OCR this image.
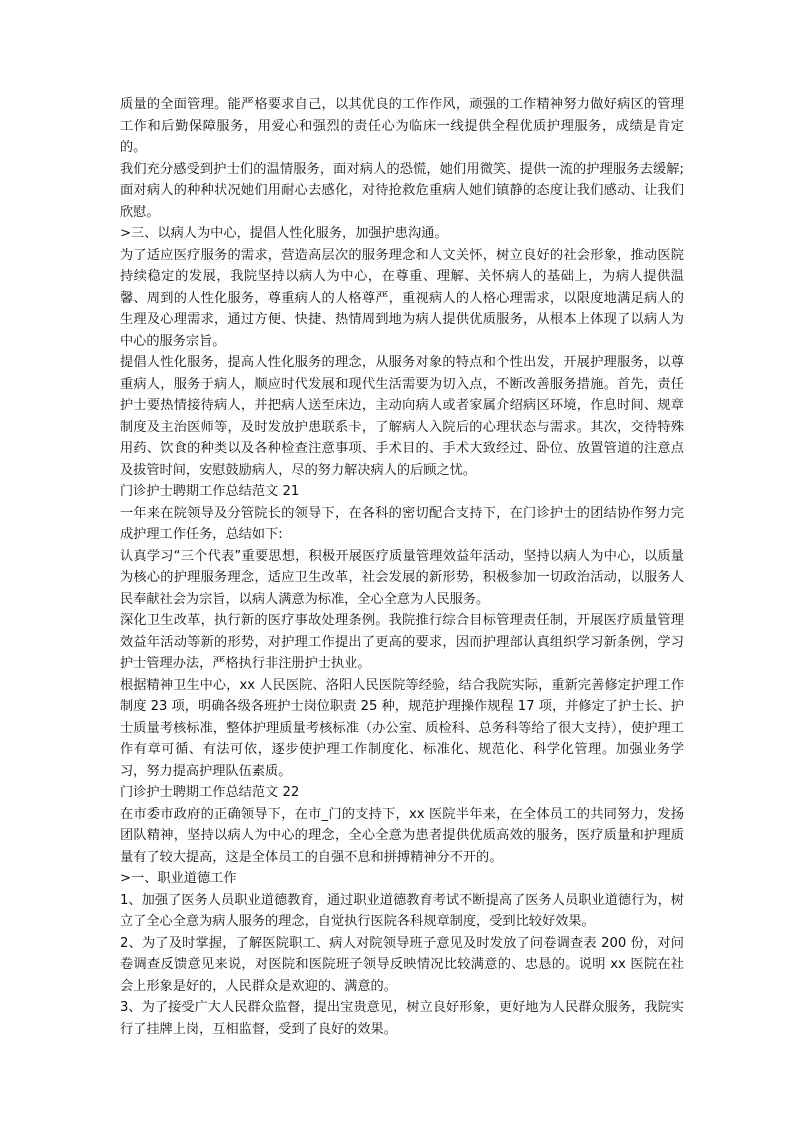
质量的全面管理。能严格要求自己，以其优良的工作作风，顽强的工作精神努力做好病区的管理工作和后勤保障服务，用爱心和强烈的责任心为临床一线提供全程优质护理服务，成绩是肯定的。

我们充分感受到护士们的温情服务，面对病人的恐慌，她们用微笑、提供一流的护理服务去缓解;面对病人的种种状况她们用耐心去感化，对待抢救危重病人她们镇静的态度让我们感动、让我们欣慰。

>三、以病人为中心，提倡人性化服务，加强护患沟通。

为了适应医疗服务的需求，营造高层次的服务理念和人文关怀，树立良好的社会形象，推动医院持续稳定的发展，我院坚持以病人为中心，在尊重、理解、关怀病人的基础上，为病人提供温馨、周到的人性化服务，尊重病人的人格尊严，重视病人的人格心理需求，以限度地满足病人的生理及心理需求，通过方便、快捷、热情周到地为病人提供优质服务，从根本上体现了以病人为中心的服务宗旨。

提倡人性化服务，提高人性化服务的理念，从服务对象的特点和个性出发，开展护理服务，以尊重病人，服务于病人，顺应时代发展和现代生活需要为切入点，不断改善服务措施。首先，责任护士要热情接待病人，并把病人送至床边，主动向病人或者家属介绍病区环境，作息时间、规章制度及主治医师等，及时发放护患联系卡，了解病人入院后的心理状态与需求。其次，交待特殊用药、饮食的种类以及各种检查注意事项、手术目的、手术大致经过、卧位、放置管道的注意点及拔管时间，安慰鼓励病人，尽的努力解决病人的后顾之忧。

门诊护士聘期工作总结范文 21

一年来在院领导及分管院长的领导下，在各科的密切配合支持下，在门诊护士的团结协作努力完成护理工作任务，总结如下:

认真学习“三个代表”重要思想，积极开展医疗质量管理效益年活动，坚持以病人为中心，以质量为核心的护理服务理念，适应卫生改革，社会发展的新形势，积极参加一切政治活动，以服务人民奉献社会为宗旨，以病人满意为标准，全心全意为人民服务。

深化卫生改革，执行新的医疗事故处理条例。我院推行综合目标管理责任制，开展医疗质量管理效益年活动等新的形势，对护理工作提出了更高的要求，因而护理部认真组织学习新条例，学习护士管理办法，严格执行非注册护士执业。

根据精神卫生中心，xx 人民医院、洛阳人民医院等经验，结合我院实际，重新完善修定护理工作制度 23 项，明确各级各班护士岗位职责 25 种，规范护理操作规程 17 项，并修定了护士长、护士质量考核标准，整体护理质量考核标准（办公室、质检科、总务科等给了很大支持），使护理工作有章可循、有法可依，逐步使护理工作制度化、标准化、规范化、科学化管理。加强业务学习，努力提高护理队伍素质。

门诊护士聘期工作总结范文 22

在市委市政府的正确领导下，在市_门的支持下，xx 医院半年来，在全体员工的共同努力，发扬团队精神，坚持以病人为中心的理念，全心全意为患者提供优质高效的服务，医疗质量和护理质量有了较大提高，这是全体员工的自强不息和拼搏精神分不开的。

>一、职业道德工作

1、加强了医务人员职业道德教育，通过职业道德教育考试不断提高了医务人员职业道德行为，树立了全心全意为病人服务的理念，自觉执行医院各科规章制度，受到比较好效果。

2、为了及时掌握，了解医院职工、病人对院领导班子意见及时发放了问卷调查表 200 份，对问卷调查反馈意见来说，对医院和医院班子领导反映情况比较满意的、忠恳的。说明 xx 医院在社会上形象是好的，人民群众是欢迎的、满意的。

3、为了接受广大人民群众监督，提出宝贵意见，树立良好形象，更好地为人民群众服务，我院实行了挂牌上岗，互相监督，受到了良好的效果。
